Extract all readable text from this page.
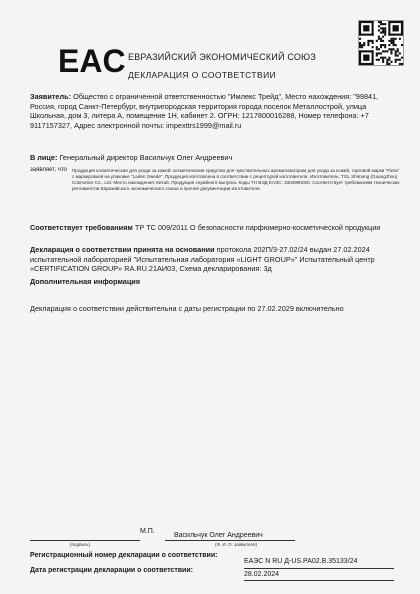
EAC ЕВРАЗИЙСКИЙ ЭКОНОМИЧЕСКИЙ СОЮЗ
ДЕКЛАРАЦИЯ О СООТВЕТСТВИИ
Заявитель: Общество с ограниченной ответственностью "Имлекс Трейд", Место нахождения: "99841, Россия, город Санкт-Петербург, внутригородская территория города поселок Металлострой, улица Школьная, дом 3, литера А, помещение 1Н, кабинет 2. ОГРН: 1217800016288, Номер телефона: +7 9117157327, Адрес электронной почты: impexttrs1999@mail.ru
В лице: Генеральный директор Васильчук Олег Андреевич
заявляет, что	Продукция косметическая для ухода за кожей: косметические средства для чувствительных ароматизатором для ухода за кожей, торговой марки "Fiera" с маркировкой на упаковке "Laden Swede". Продукция изготовлена в соответствии с рецептурой изготовителя. Изготовитель: TGL Shimang (Guangzhou) Cosmetics Co., Ltd. Место нахождения: Китай. Продукция серийного выпуска. Коды ТН ВЭД ЕАЭС: 3304990000. Соответствует требованиям технических регламентов Евразийского экономического союза и прочей документации изготовителя.
Соответствует требованиям ТР ТС 009/2011 О безопасности парфюмерно-косметической продукции
Декларация о соответствии принята на основании протокола 202П/3-27.02/24 выдан 27.02.2024 испытательной лабораторией "Испытательная лаборатория «LIGHT GROUP»" Испытательный центр «CERTIFICATION GROUP» RA.RU.21АИ03, Схема декларирования: 3д
Дополнительная информация
Декларация о соответствии действительна с даты регистрации по 27.02.2029 включительно
М.П.
Васильчук Олег Андреевич
(подпись)	(Ф. И. О. заявителя)
Регистрационный номер декларации о соответствии:
ЕАЭС N RU Д-US.РА02.В.35133/24
Дата регистрации декларации о соответствии:
28.02.2024
